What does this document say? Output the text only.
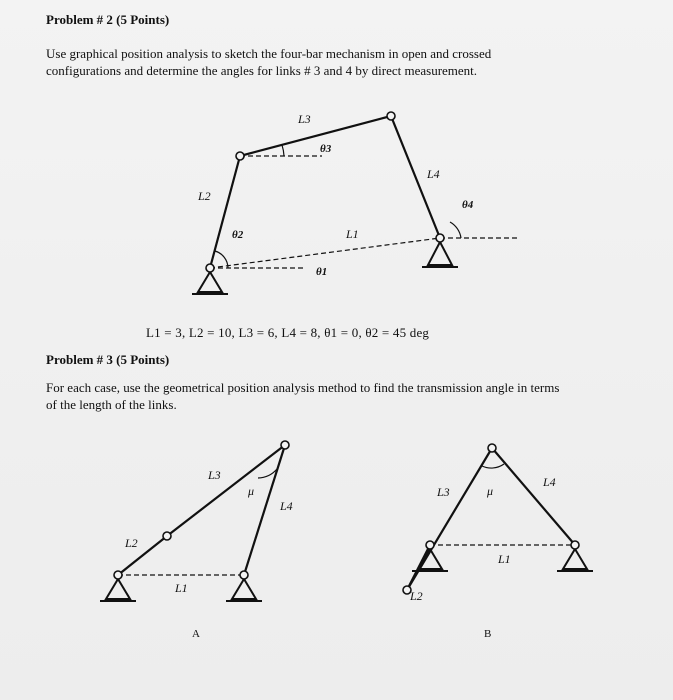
Problem # 2 (5 Points)
Use graphical position analysis to sketch the four-bar mechanism in open and crossed
configurations and determine the angles for links # 3 and 4 by direct measurement.
L3
L2
L4
L1
θ3
θ2
θ4
θ1
L1 = 3, L2 = 10, L3 = 6, L4 = 8, θ1 = 0, θ2 = 45 deg
Problem # 3 (5 Points)
For each case, use the geometrical position analysis method to find the transmission angle in terms
of the length of the links.
L3
L2
L4
L1
μ
A
L3
L4
L1
L2
μ
B
